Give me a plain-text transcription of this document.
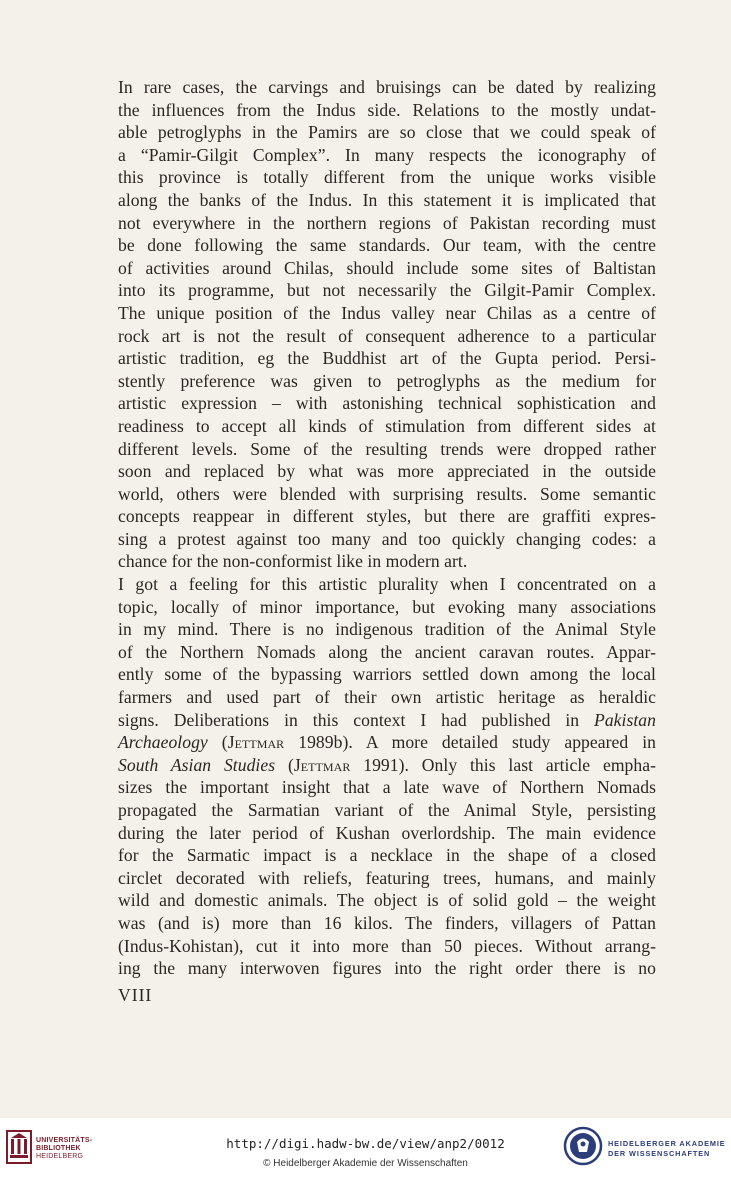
In rare cases, the carvings and bruisings can be dated by realizing
the influences from the Indus side. Relations to the mostly undat-
able petroglyphs in the Pamirs are so close that we could speak of
a “Pamir-Gilgit Complex”. In many respects the iconography of
this province is totally different from the unique works visible
along the banks of the Indus. In this statement it is implicated that
not everywhere in the northern regions of Pakistan recording must
be done following the same standards. Our team, with the centre
of activities around Chilas, should include some sites of Baltistan
into its programme, but not necessarily the Gilgit-Pamir Complex.
The unique position of the Indus valley near Chilas as a centre of
rock art is not the result of consequent adherence to a particular
artistic tradition, eg the Buddhist art of the Gupta period. Persi-
stently preference was given to petroglyphs as the medium for
artistic expression – with astonishing technical sophistication and
readiness to accept all kinds of stimulation from different sides at
different levels. Some of the resulting trends were dropped rather
soon and replaced by what was more appreciated in the outside
world, others were blended with surprising results. Some semantic
concepts reappear in different styles, but there are graffiti expres-
sing a protest against too many and too quickly changing codes: a
chance for the non-conformist like in modern art.
I got a feeling for this artistic plurality when I concentrated on a
topic, locally of minor importance, but evoking many associations
in my mind. There is no indigenous tradition of the Animal Style
of the Northern Nomads along the ancient caravan routes. Appar-
ently some of the bypassing warriors settled down among the local
farmers and used part of their own artistic heritage as heraldic
signs. Deliberations in this context I had published in Pakistan
Archaeology (Jettmar 1989b). A more detailed study appeared in
South Asian Studies (Jettmar 1991). Only this last article empha-
sizes the important insight that a late wave of Northern Nomads
propagated the Sarmatian variant of the Animal Style, persisting
during the later period of Kushan overlordship. The main evidence
for the Sarmatic impact is a necklace in the shape of a closed
circlet decorated with reliefs, featuring trees, humans, and mainly
wild and domestic animals. The object is of solid gold – the weight
was (and is) more than 16 kilos. The finders, villagers of Pattan
(Indus-Kohistan), cut it into more than 50 pieces. Without arrang-
ing the many interwoven figures into the right order there is no
VIII
UNIVERSITÄTS-
BIBLIOTHEK
HEIDELBERG
http://digi.hadw-bw.de/view/anp2/0012
© Heidelberger Akademie der Wissenschaften
HEIDELBERGER AKADEMIE
DER WISSENSCHAFTEN
